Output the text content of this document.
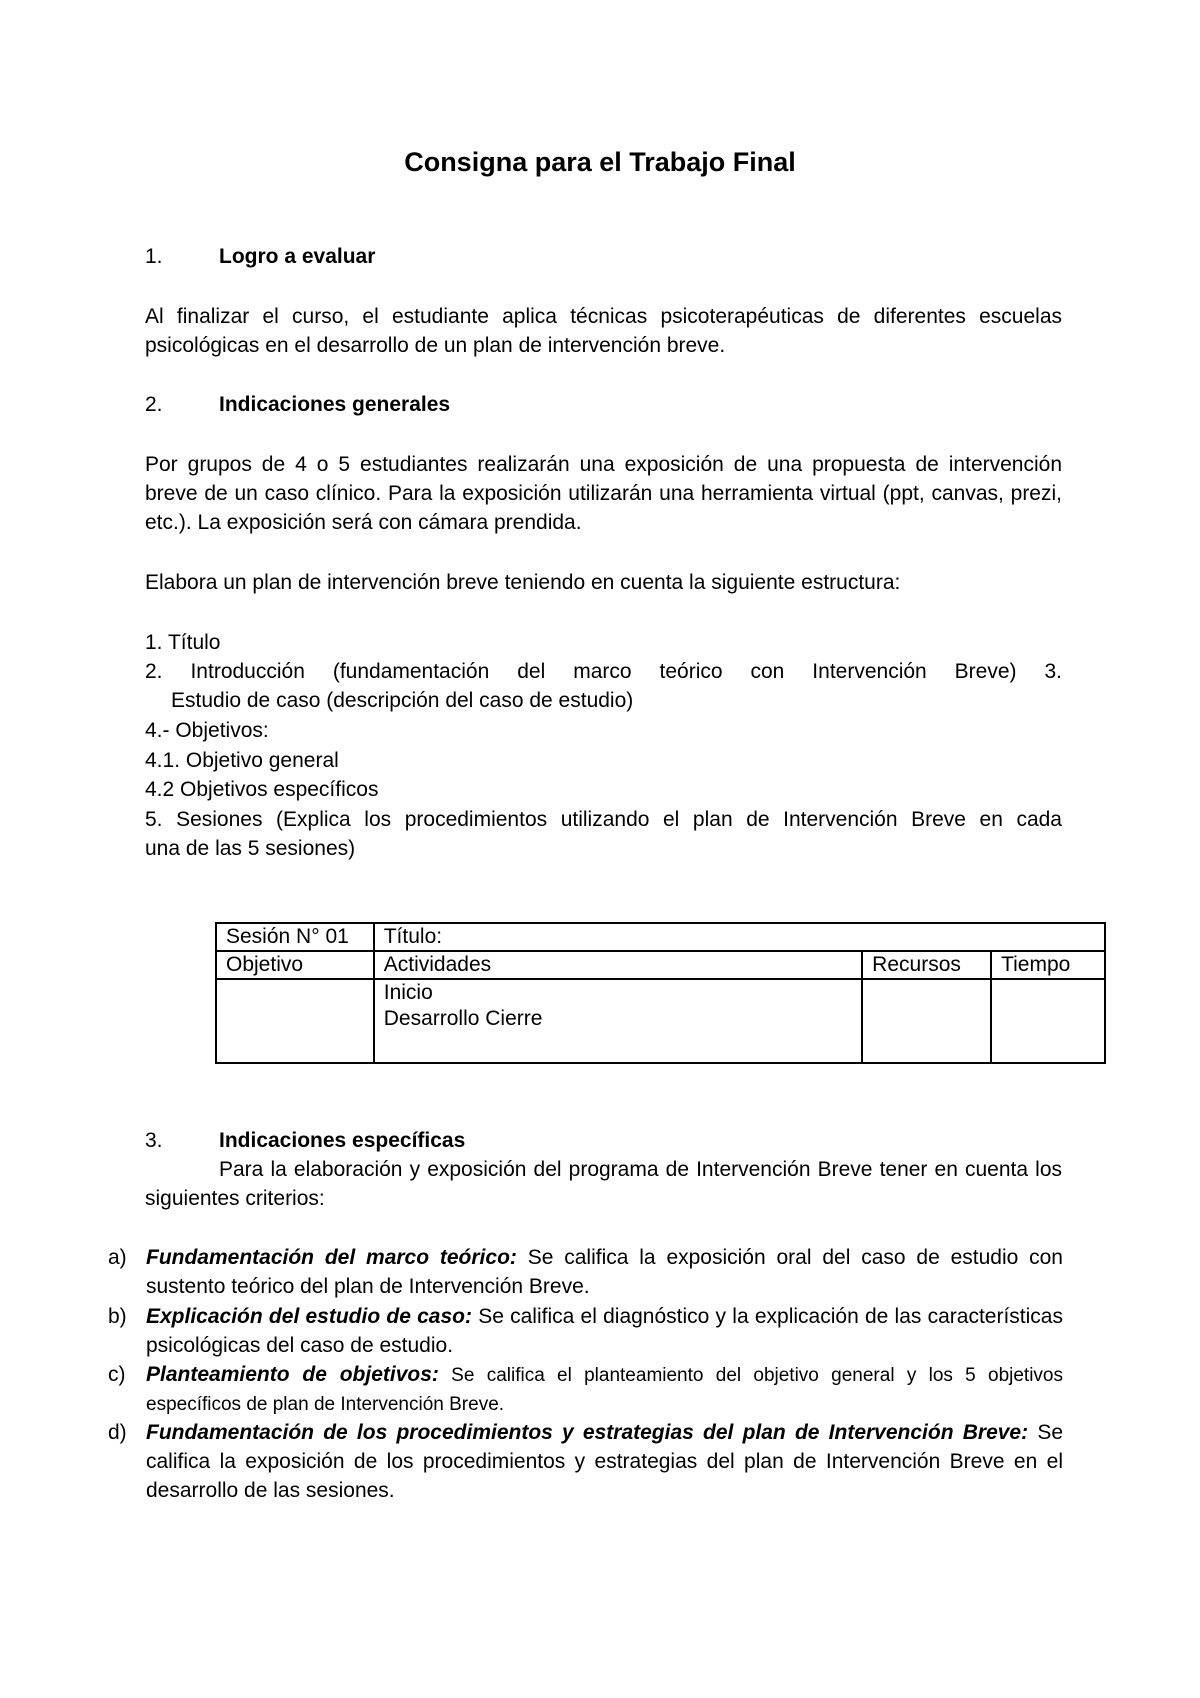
Consigna para el Trabajo Final
1.	Logro a evaluar
Al finalizar el curso, el estudiante aplica técnicas psicoterapéuticas de diferentes escuelas psicológicas en el desarrollo de un plan de intervención breve.
2.	Indicaciones generales
Por grupos de 4 o 5 estudiantes realizarán una exposición de una propuesta de intervención breve de un caso clínico. Para la exposición utilizarán una herramienta virtual (ppt, canvas, prezi, etc.). La exposición será con cámara prendida.
Elabora un plan de intervención breve teniendo en cuenta la siguiente estructura:
1. Título
2. Introducción (fundamentación del marco teórico con Intervención Breve) 3.
Estudio de caso (descripción del caso de estudio)
4.- Objetivos:
4.1. Objetivo general
4.2 Objetivos específicos
5. Sesiones (Explica los procedimientos utilizando el plan de Intervención Breve en cada
una de las 5 sesiones)
Sesión N° 01	Título:		
Objetivo	Actividades	Recursos	Tiempo

	Inicio
Desarrollo Cierre		

3.	Indicaciones específicas
Para la elaboración y exposición del programa de Intervención Breve tener en cuenta los siguientes criterios:
a) Fundamentación del marco teórico: Se califica la exposición oral del caso de estudio con sustento teórico del plan de Intervención Breve.
b) Explicación del estudio de caso: Se califica el diagnóstico y la explicación de las características psicológicas del caso de estudio.
c) Planteamiento de objetivos: Se califica el planteamiento del objetivo general y los 5 objetivos específicos de plan de Intervención Breve.
d) Fundamentación de los procedimientos y estrategias del plan de Intervención Breve: Se califica la exposición de los procedimientos y estrategias del plan de Intervención Breve en el desarrollo de las sesiones.
